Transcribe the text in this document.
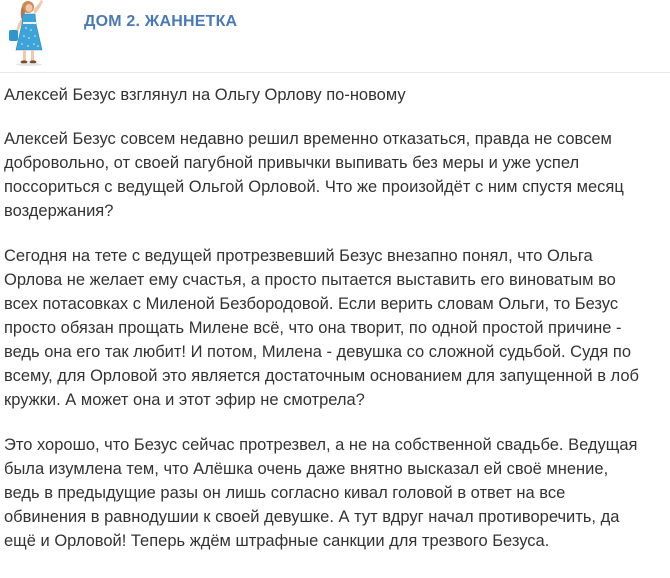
ДОМ 2. ЖАННЕТКА
Алексей Безус взглянул на Ольгу Орлову по-новому
Алексей Безус совсем недавно решил временно отказаться, правда не совсем
добровольно, от своей пагубной привычки выпивать без меры и уже успел
поссориться с ведущей Ольгой Орловой. Что же произойдёт с ним спустя месяц
воздержания?
Сегодня на тете с ведущей протрезвевший Безус внезапно понял, что Ольга
Орлова не желает ему счастья, а просто пытается выставить его виноватым во
всех потасовках с Миленой Безбородовой. Если верить словам Ольги, то Безус
просто обязан прощать Милене всё, что она творит, по одной простой причине -
ведь она его так любит! И потом, Милена - девушка со сложной судьбой. Судя по
всему, для Орловой это является достаточным основанием для запущенной в лоб
кружки. А может она и этот эфир не смотрела?
Это хорошо, что Безус сейчас протрезвел, а не на собственной свадьбе. Ведущая
была изумлена тем, что Алёшка очень даже внятно высказал ей своё мнение,
ведь в предыдущие разы он лишь согласно кивал головой в ответ на все
обвинения в равнодушии к своей девушке. А тут вдруг начал противоречить, да
ещё и Орловой! Теперь ждём штрафные санкции для трезвого Безуса.
